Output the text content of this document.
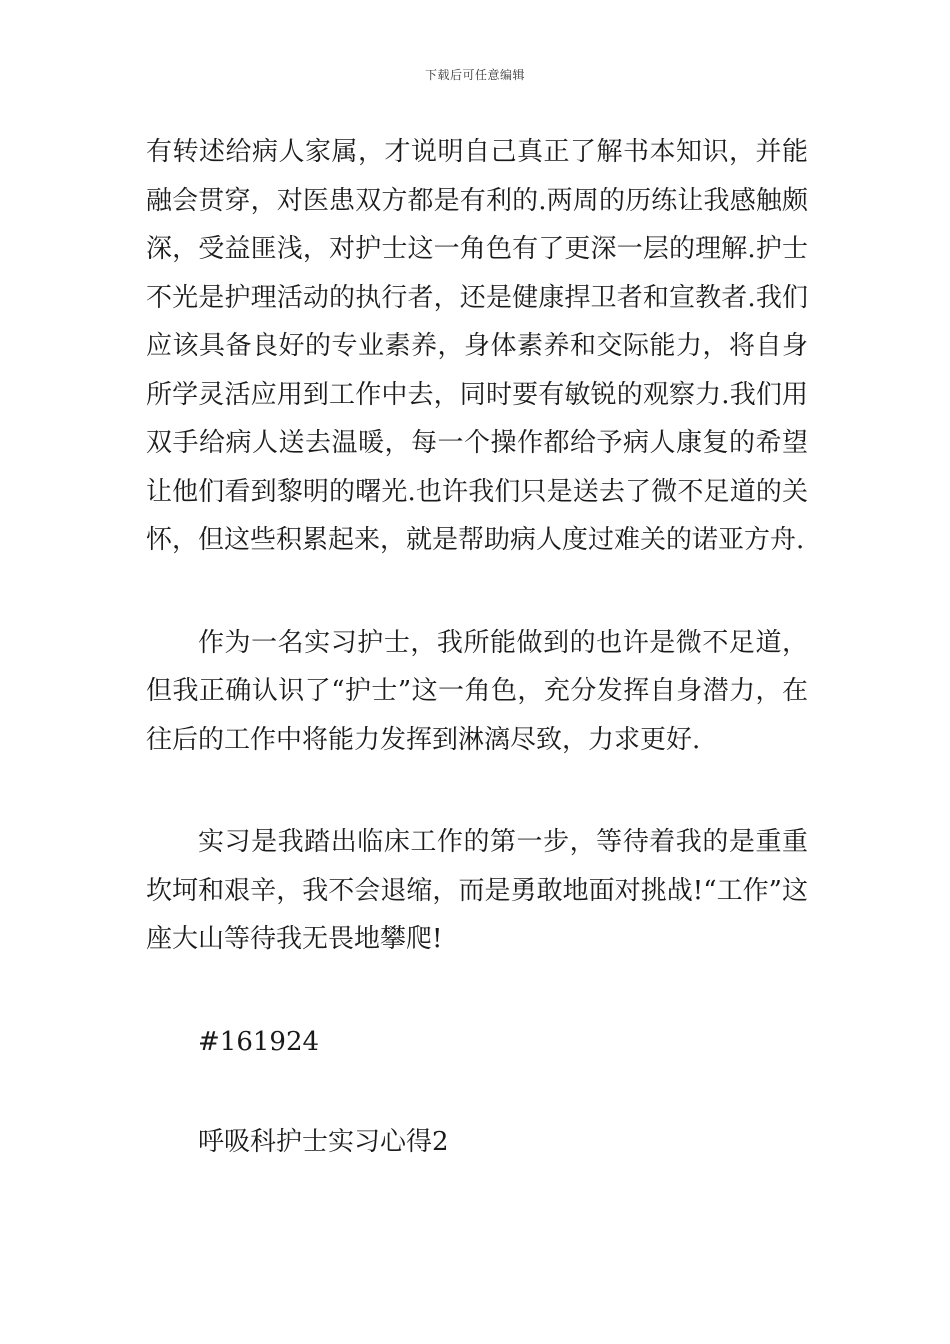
下载后可任意编辑

有转述给病人家属，才说明自己真正了解书本知识，并能融会贯穿，对医患双方都是有利的.两周的历练让我感触颇深，受益匪浅，对护士这一角色有了更深一层的理解.护士不光是护理活动的执行者，还是健康捍卫者和宣教者.我们应该具备良好的专业素养，身体素养和交际能力，将自身所学灵活应用到工作中去，同时要有敏锐的观察力.我们用双手给病人送去温暖，每一个操作都给予病人康复的希望让他们看到黎明的曙光.也许我们只是送去了微不足道的关怀，但这些积累起来，就是帮助病人度过难关的诺亚方舟.

作为一名实习护士，我所能做到的也许是微不足道，但我正确认识了“护士”这一角色，充分发挥自身潜力，在往后的工作中将能力发挥到淋漓尽致，力求更好.

实习是我踏出临床工作的第一步，等待着我的是重重坎坷和艰辛，我不会退缩，而是勇敢地面对挑战!“工作”这座大山等待我无畏地攀爬!

#161924

呼吸科护士实习心得2
